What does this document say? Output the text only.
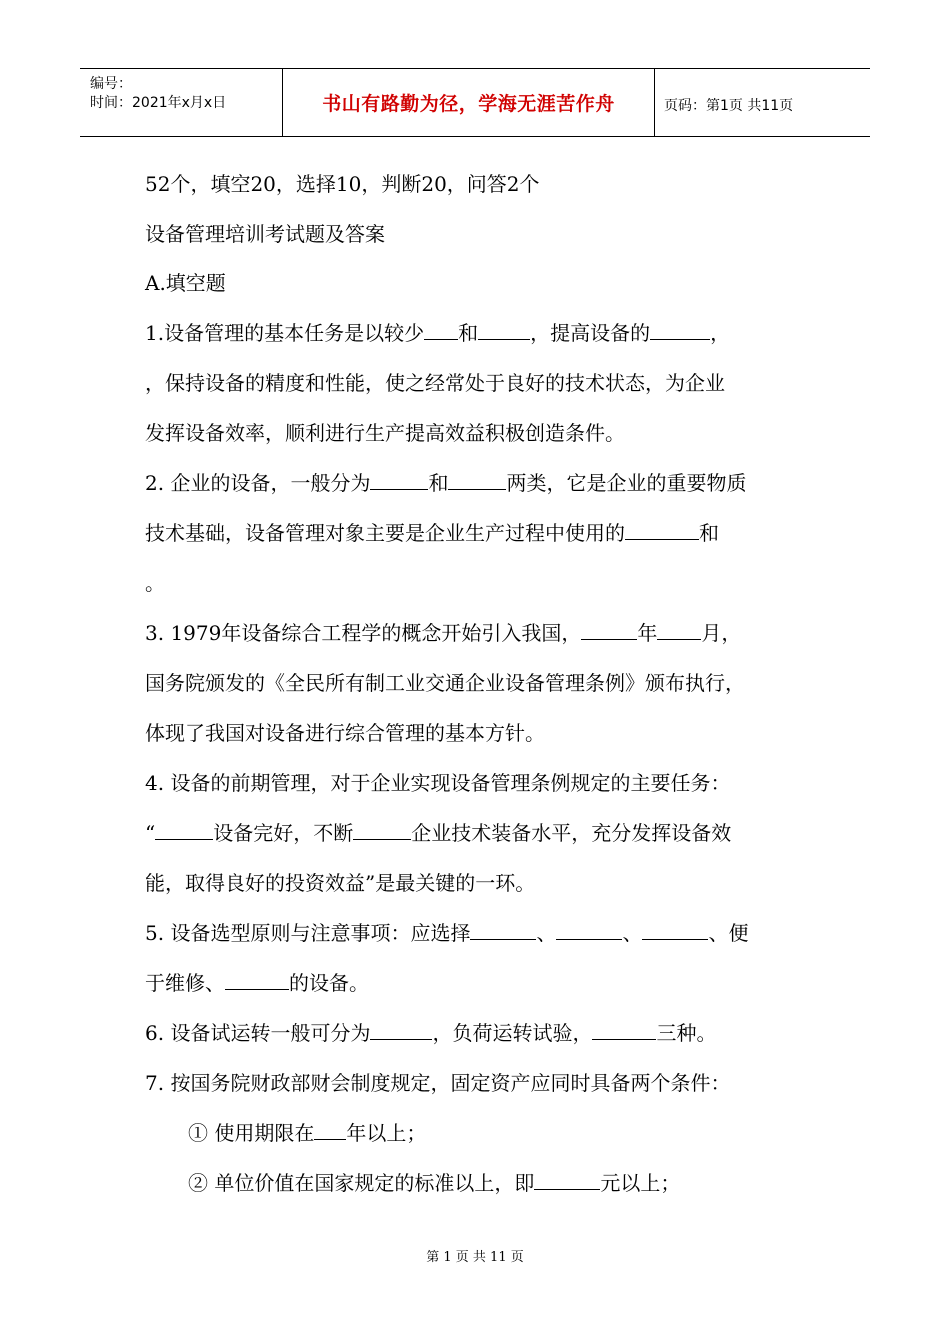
编号：
时间：2021年x月x日	书山有路勤为径，学海无涯苦作舟	页码：第1页 共11页
52个，填空20，选择10，判断20，问答2个
设备管理培训考试题及答案
A.填空题
1.设备管理的基本任务是以较少 和	，提高设备的	，
，保持设备的精度和性能，使之经常处于良好的技术状态，为企业
发挥设备效率，顺利进行生产提高效益积极创造条件。
2. 企业的设备，一般分为	和	两类，它是企业的重要物质
技术基础，设备管理对象主要是企业生产过程中使用的	和
。
3. 1979年设备综合工程学的概念开始引入我国，	年 月，
国务院颁发的《全民所有制工业交通企业设备管理条例》颁布执行，
体现了我国对设备进行综合管理的基本方针。
4. 设备的前期管理，对于企业实现设备管理条例规定的主要任务：
“	设备完好，不断	企业技术装备水平，充分发挥设备效
能，取得良好的投资效益”是最关键的一环。
5. 设备选型原则与注意事项：应选择	、	、	、便
于维修、	的设备。
6. 设备试运转一般可分为	，负荷运转试验，	三种。
7. 按国务院财政部财会制度规定，固定资产应同时具备两个条件：
① 使用期限在 年以上；
② 单位价值在国家规定的标准以上，即	元以上；
第 1 页 共 11 页
